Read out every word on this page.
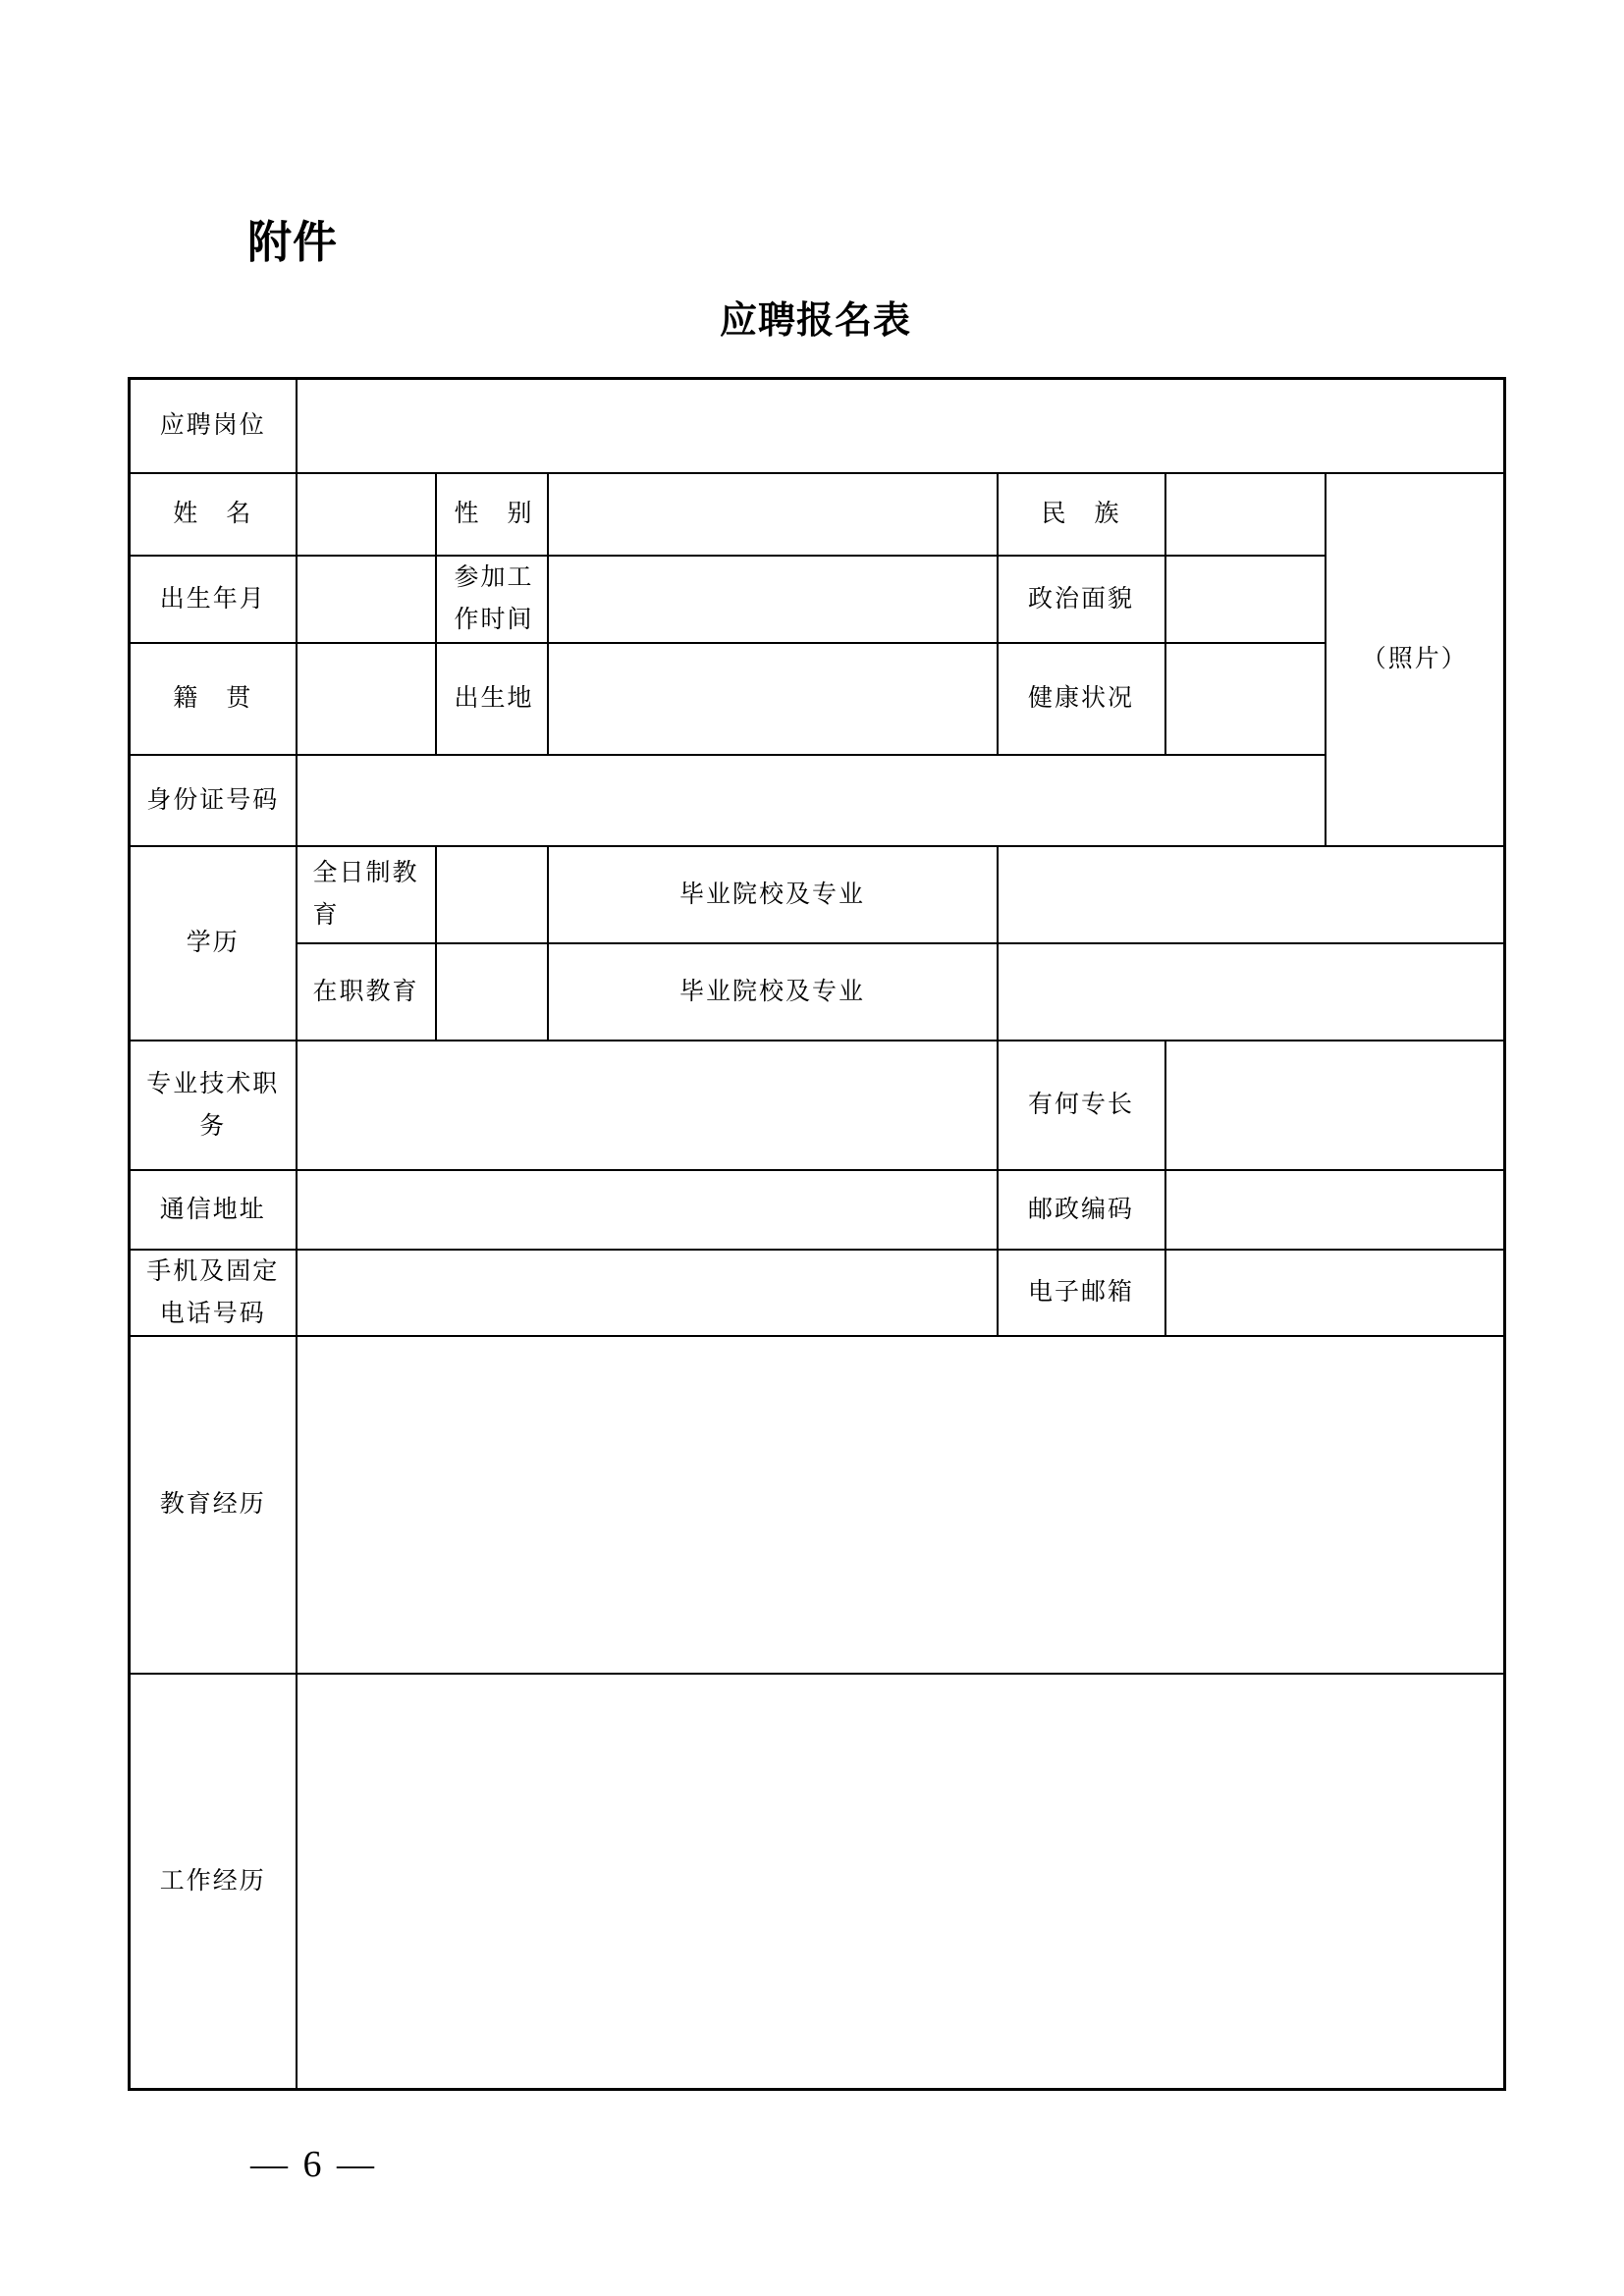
附件
应聘报名表
应聘岗位						
姓　名		性　别		民　族		（照片）
出生年月		参加工作时间		政治面貌		
籍　贯		出生地		健康状况		
身份证号码						
学历	全日制教育		毕业院校及专业			
	在职教育		毕业院校及专业			
专业技术职务				有何专长		
通信地址				邮政编码		
手机及固定电话号码				电子邮箱		
教育经历						
工作经历						
— 6 —
